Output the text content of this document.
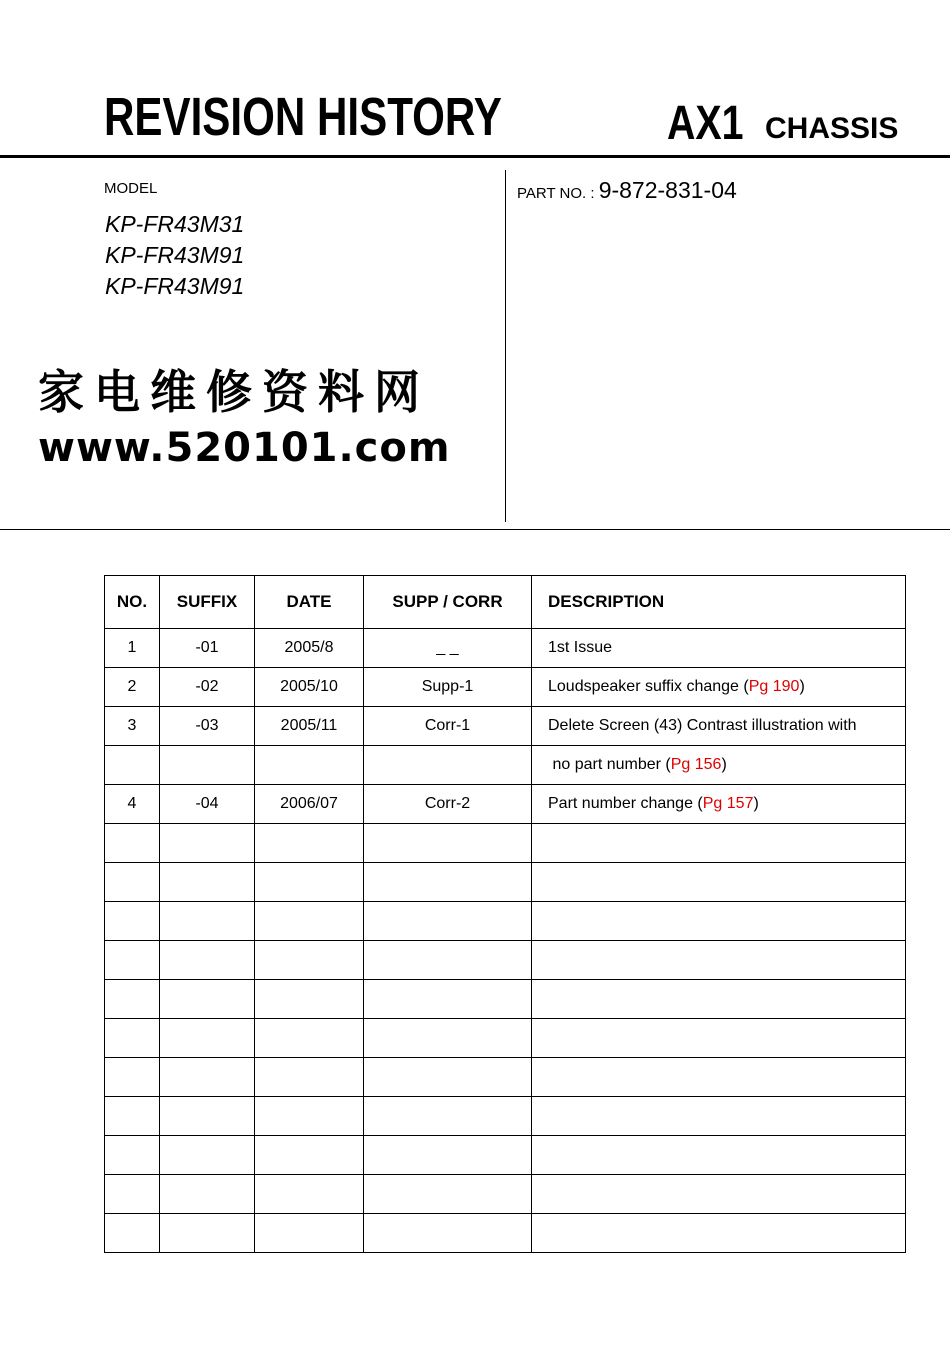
REVISION HISTORY	AX1 CHASSIS
MODEL
KP-FR43M31
KP-FR43M91
KP-FR43M91
PART NO. : 9-872-831-04
家电维修资料网
www.520101.com
NO.	SUFFIX	DATE	SUPP / CORR	DESCRIPTION
1	-01	2005/8	_ _	1st Issue
2	-02	2005/10	Supp-1	Loudspeaker suffix change (Pg 190)
3	-03	2005/11	Corr-1	Delete Screen (43) Contrast illustration with
				no part number (Pg 156)
4	-04	2006/07	Corr-2	Part number change (Pg 157)
